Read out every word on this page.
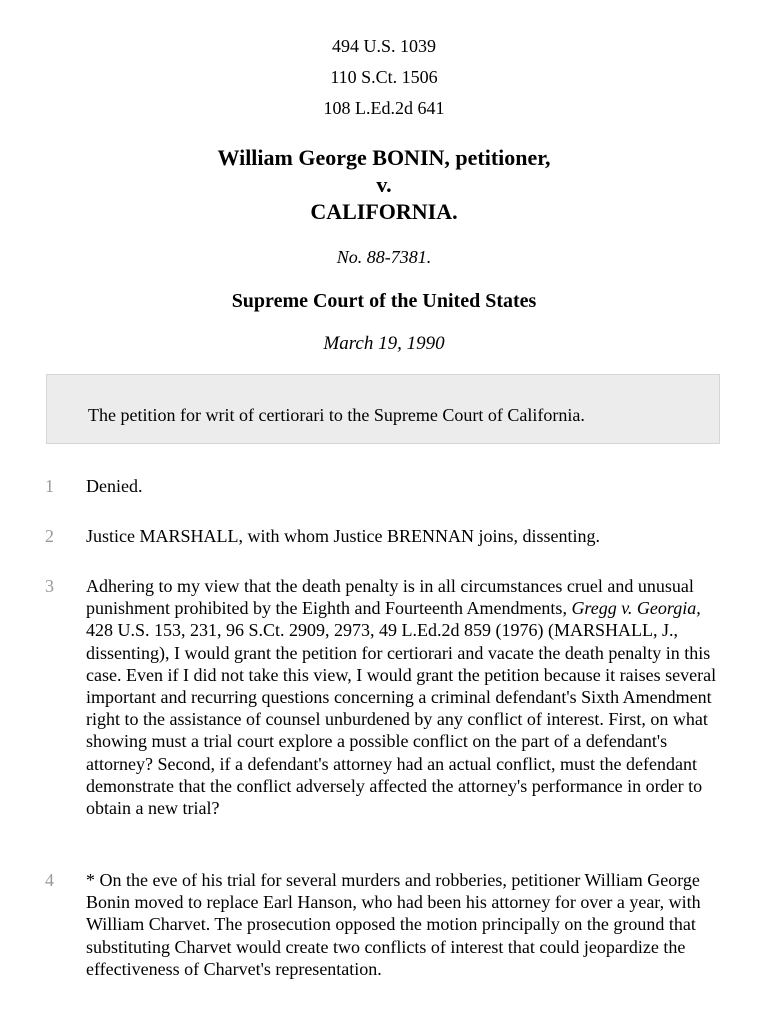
494 U.S. 1039
110 S.Ct. 1506
108 L.Ed.2d 641
William George BONIN, petitioner,
v.
CALIFORNIA.
No. 88-7381.
Supreme Court of the United States
March 19, 1990
The petition for writ of certiorari to the Supreme Court of California.
1 Denied.
2 Justice MARSHALL, with whom Justice BRENNAN joins, dissenting.
3 Adhering to my view that the death penalty is in all circumstances cruel and unusual punishment prohibited by the Eighth and Fourteenth Amendments, Gregg v. Georgia, 428 U.S. 153, 231, 96 S.Ct. 2909, 2973, 49 L.Ed.2d 859 (1976) (MARSHALL, J., dissenting), I would grant the petition for certiorari and vacate the death penalty in this case. Even if I did not take this view, I would grant the petition because it raises several important and recurring questions concerning a criminal defendant's Sixth Amendment right to the assistance of counsel unburdened by any conflict of interest. First, on what showing must a trial court explore a possible conflict on the part of a defendant's attorney? Second, if a defendant's attorney had an actual conflict, must the defendant demonstrate that the conflict adversely affected the attorney's performance in order to obtain a new trial?
4 * On the eve of his trial for several murders and robberies, petitioner William George Bonin moved to replace Earl Hanson, who had been his attorney for over a year, with William Charvet. The prosecution opposed the motion principally on the ground that substituting Charvet would create two conflicts of interest that could jeopardize the effectiveness of Charvet's representation.
